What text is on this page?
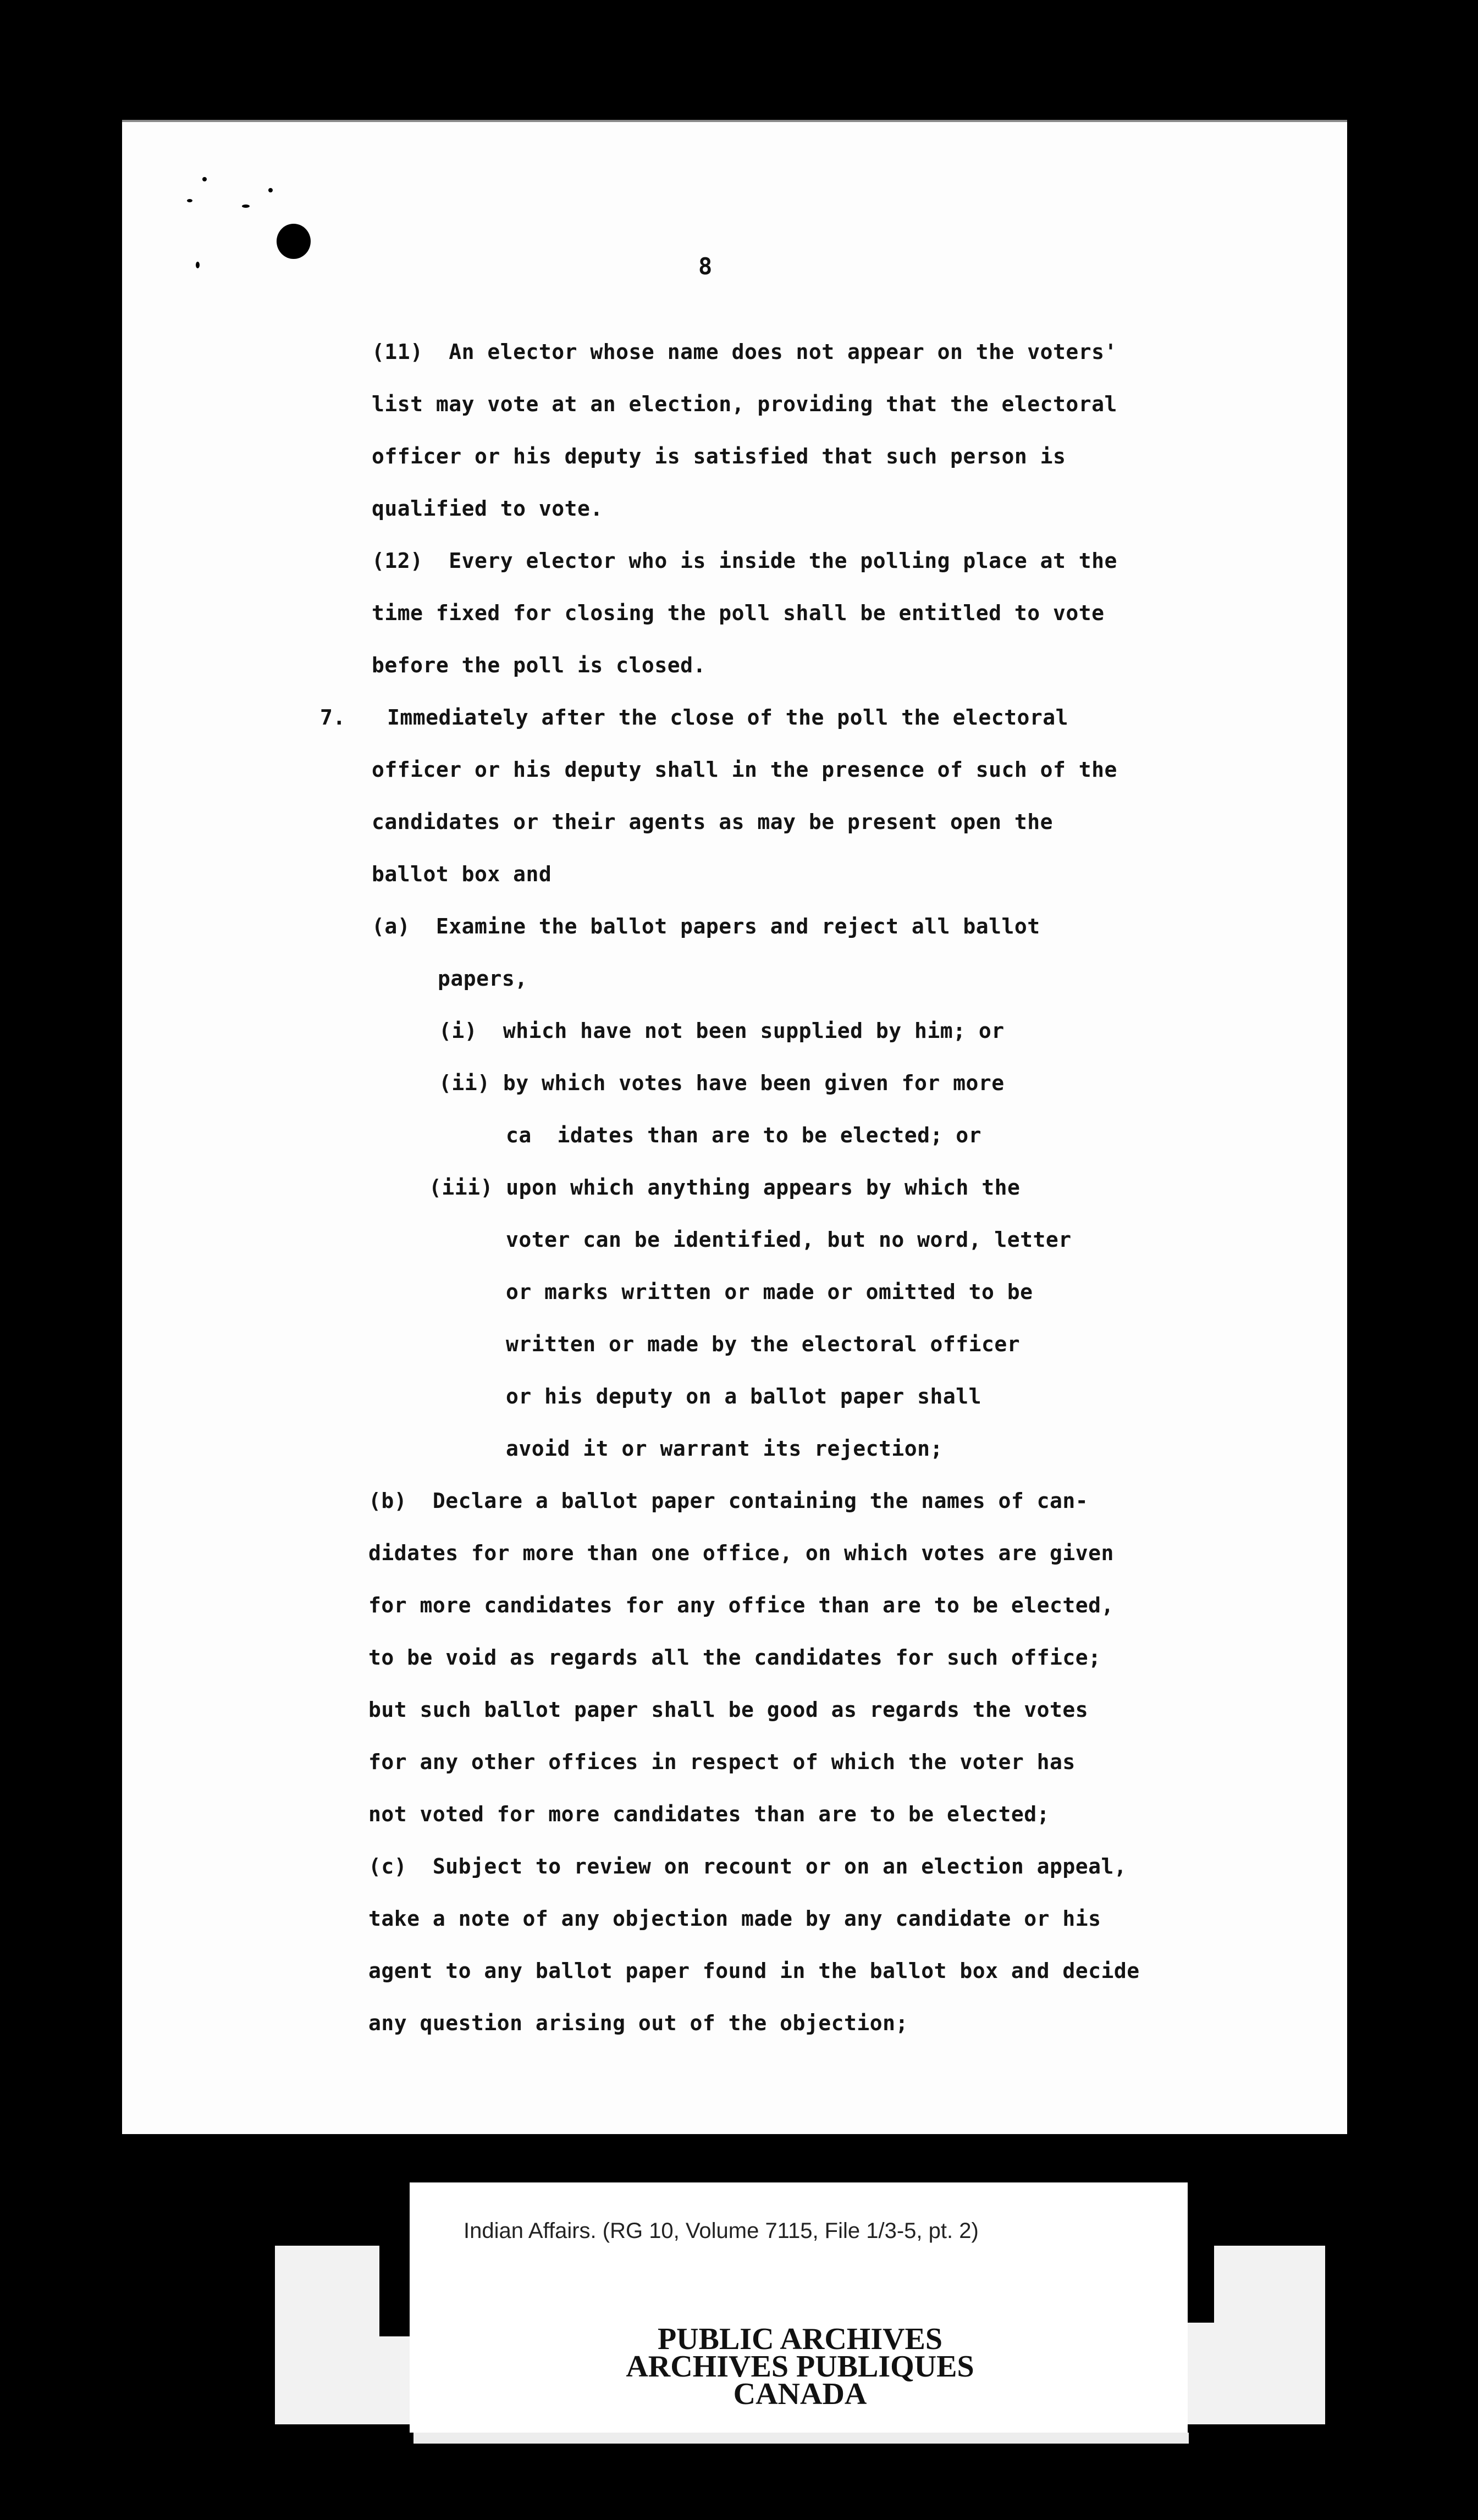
8
(11)  An elector whose name does not appear on the voters'
list may vote at an election, providing that the electoral
officer or his deputy is satisfied that such person is
qualified to vote.
(12)  Every elector who is inside the polling place at the
time fixed for closing the poll shall be entitled to vote
before the poll is closed.
7. Immediately after the close of the poll the electoral
officer or his deputy shall in the presence of such of the
candidates or their agents as may be present open the
ballot box and
(a)  Examine the ballot papers and reject all ballot
papers,
(i)  which have not been supplied by him; or
(ii) by which votes have been given for more
ca  idates than are to be elected; or
(iii) upon which anything appears by which the
voter can be identified, but no word, letter
or marks written or made or omitted to be
written or made by the electoral officer
or his deputy on a ballot paper shall
avoid it or warrant its rejection;
(b)  Declare a ballot paper containing the names of can-
didates for more than one office, on which votes are given
for more candidates for any office than are to be elected,
to be void as regards all the candidates for such office;
but such ballot paper shall be good as regards the votes
for any other offices in respect of which the voter has
not voted for more candidates than are to be elected;
(c)  Subject to review on recount or on an election appeal,
take a note of any objection made by any candidate or his
agent to any ballot paper found in the ballot box and decide
any question arising out of the objection;
Indian Affairs. (RG 10, Volume 7115, File 1/3-5, pt. 2)
PUBLIC ARCHIVES
ARCHIVES PUBLIQUES
CANADA
